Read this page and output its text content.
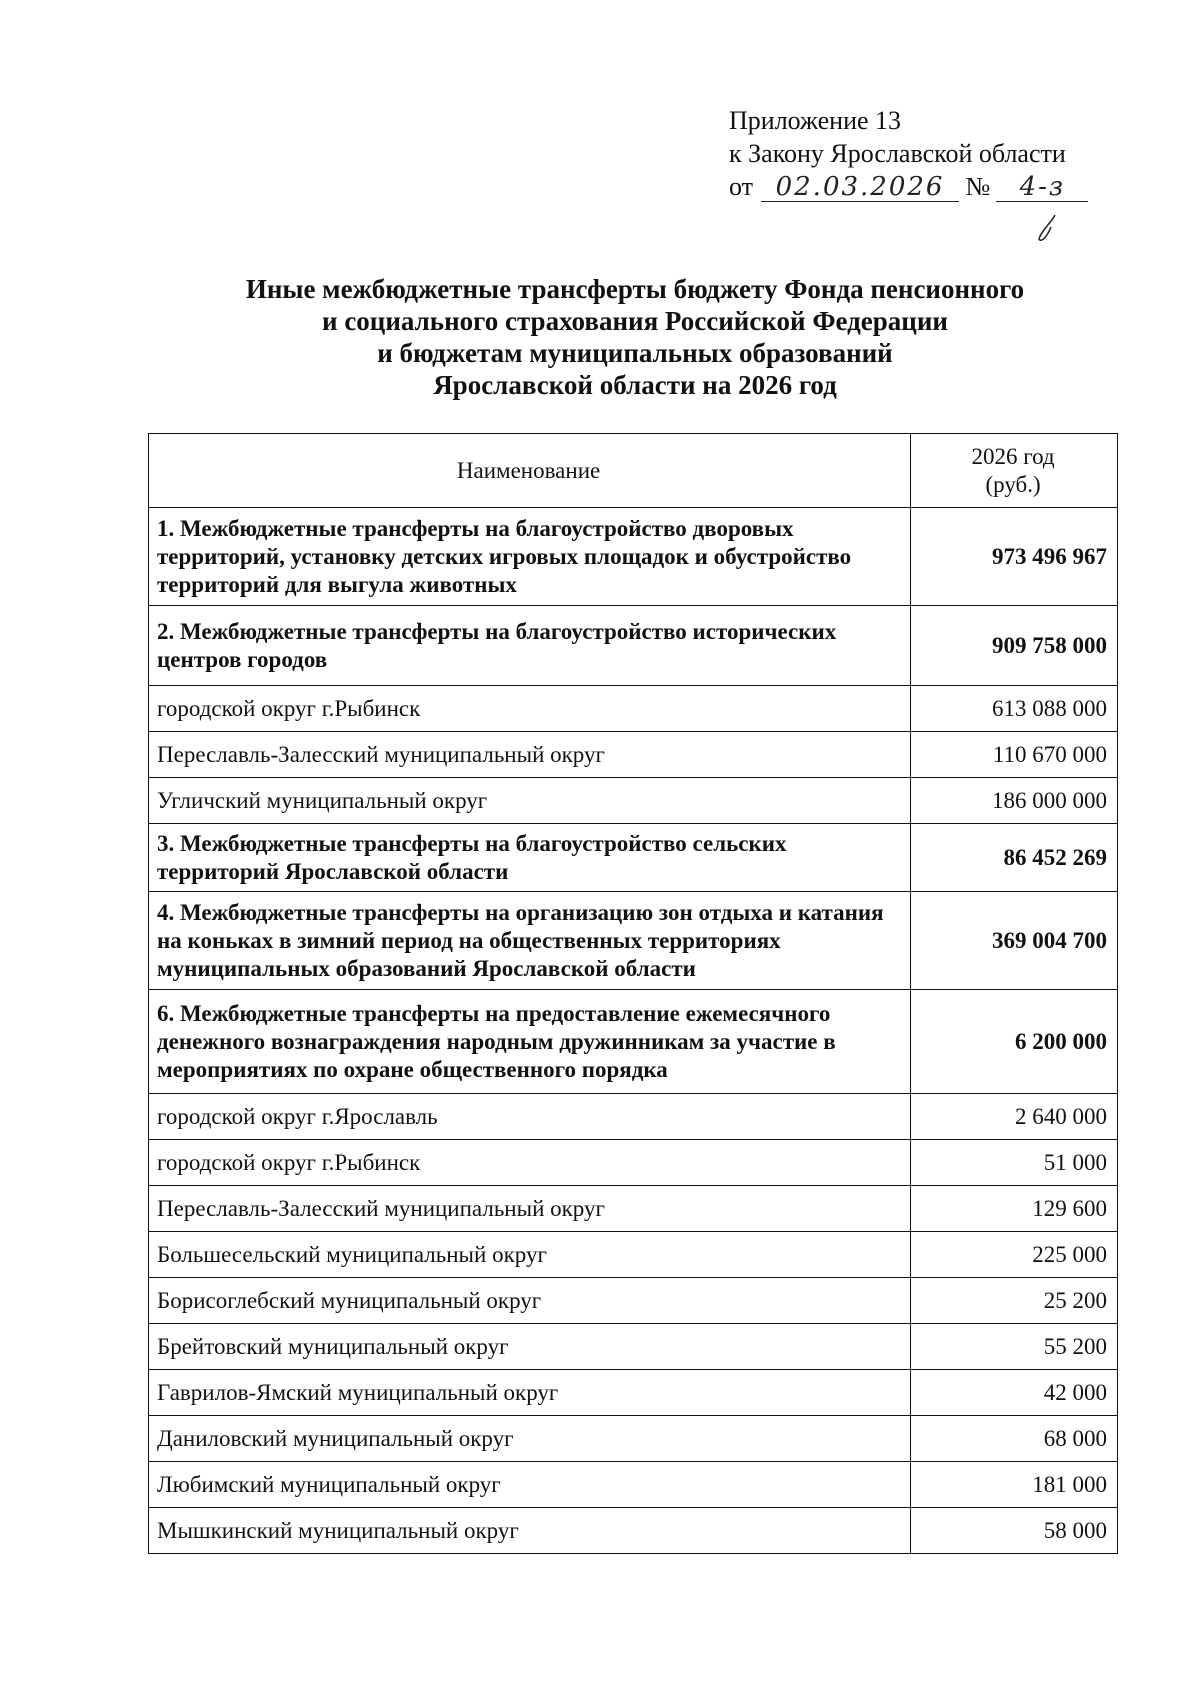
Приложение 13
к Закону Ярославской области
от 02.03.2026 № 4-з
Иные межбюджетные трансферты бюджету Фонда пенсионного
и социального страхования Российской Федерации
и бюджетам муниципальных образований
Ярославской области на 2026 год
Наименование	2026 год
(руб.)

1. Межбюджетные трансферты на благоустройство дворовых территорий, установку детских игровых площадок и обустройство территорий для выгула животных	973 496 967
2. Межбюджетные трансферты на благоустройство исторических центров городов	909 758 000
городской округ г.Рыбинск	613 088 000
Переславль-Залесский муниципальный округ	110 670 000
Угличский муниципальный округ	186 000 000
3. Межбюджетные трансферты на благоустройство сельских территорий Ярославской области	86 452 269
4. Межбюджетные трансферты на организацию зон отдыха и катания на коньках в зимний период на общественных территориях муниципальных образований Ярославской области	369 004 700
6. Межбюджетные трансферты на предоставление ежемесячного денежного вознаграждения народным дружинникам за участие в мероприятиях по охране общественного порядка	6 200 000
городской округ г.Ярославль	2 640 000
городской округ г.Рыбинск	51 000
Переславль-Залесский муниципальный округ	129 600
Большесельский муниципальный округ	225 000
Борисоглебский муниципальный округ	25 200
Брейтовский муниципальный округ	55 200
Гаврилов-Ямский муниципальный округ	42 000
Даниловский муниципальный округ	68 000
Любимский муниципальный округ	181 000
Мышкинский муниципальный округ	58 000
